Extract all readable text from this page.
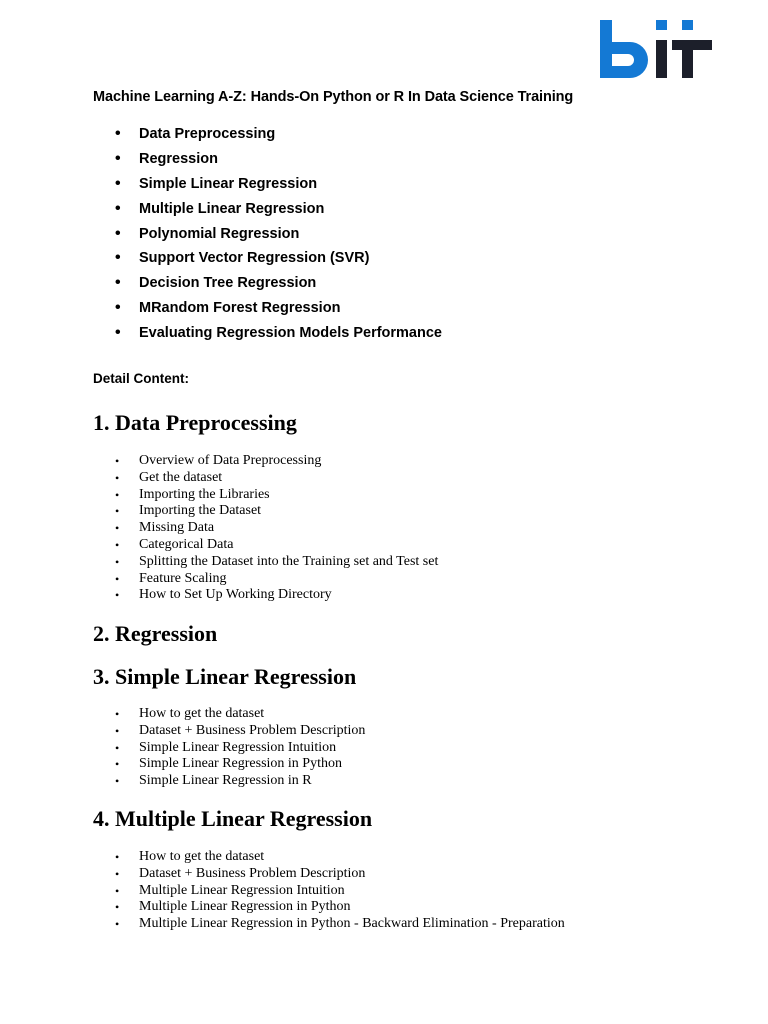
Machine Learning A-Z: Hands-On Python or R In Data Science Training

• Data Preprocessing
• Regression
• Simple Linear Regression
• Multiple Linear Regression
• Polynomial Regression
• Support Vector Regression (SVR)
• Decision Tree Regression
• MRandom Forest Regression
• Evaluating Regression Models Performance

Detail Content:

1. Data Preprocessing
• Overview of Data Preprocessing
• Get the dataset
• Importing the Libraries
• Importing the Dataset
• Missing Data
• Categorical Data
• Splitting the Dataset into the Training set and Test set
• Feature Scaling
• How to Set Up Working Directory
2. Regression
3. Simple Linear Regression
• How to get the dataset
• Dataset + Business Problem Description
• Simple Linear Regression Intuition
• Simple Linear Regression in Python
• Simple Linear Regression in R
4. Multiple Linear Regression
• How to get the dataset
• Dataset + Business Problem Description
• Multiple Linear Regression Intuition
• Multiple Linear Regression in Python
• Multiple Linear Regression in Python - Backward Elimination - Preparation
